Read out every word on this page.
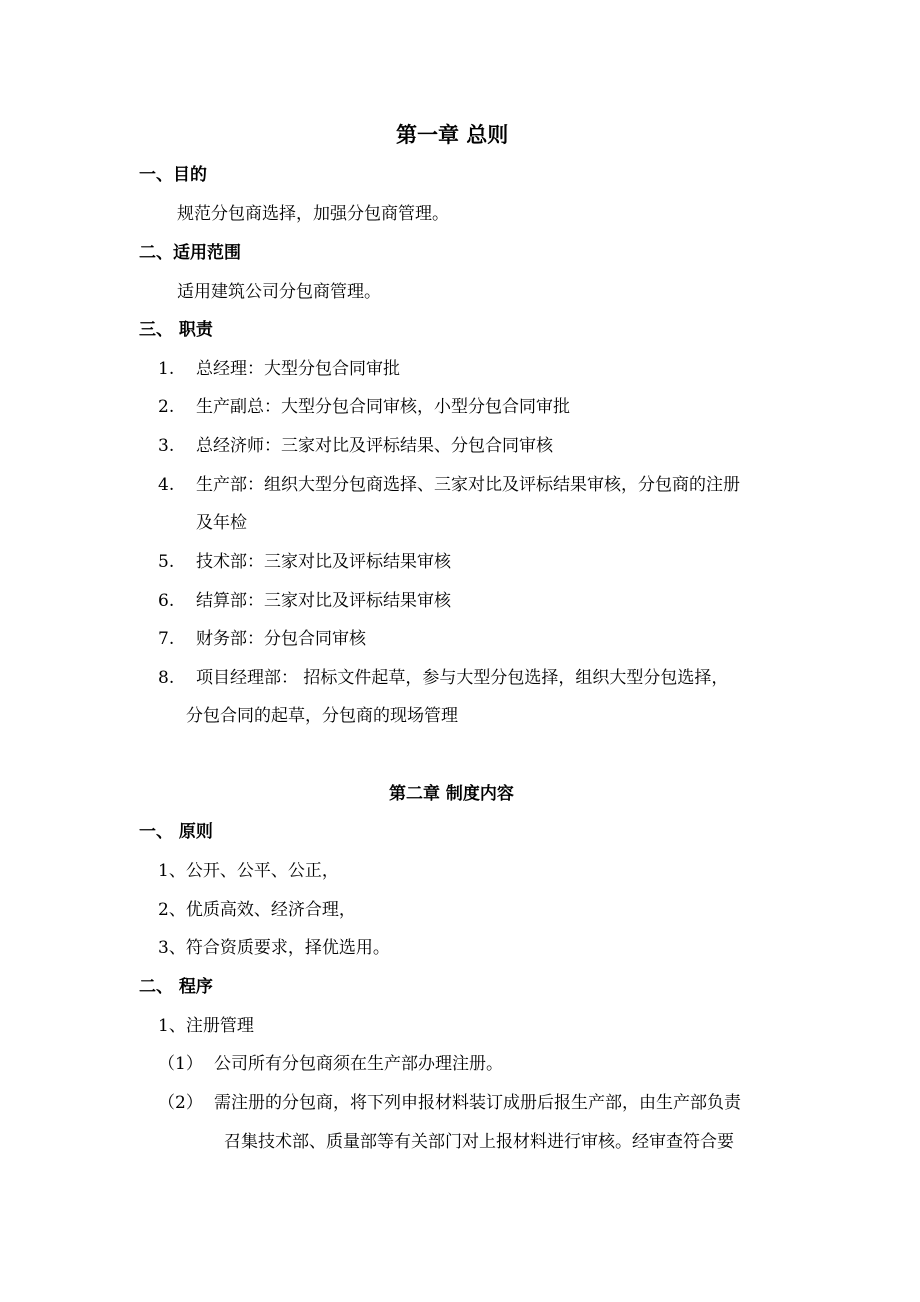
第一章 总则
一、目的
规范分包商选择，加强分包商管理。
二、适用范围
适用建筑公司分包商管理。
三、 职责
1. 总经理：大型分包合同审批
2. 生产副总：大型分包合同审核，小型分包合同审批
3. 总经济师：三家对比及评标结果、分包合同审核
4. 生产部：组织大型分包商选择、三家对比及评标结果审核，分包商的注册
及年检
5. 技术部：三家对比及评标结果审核
6. 结算部：三家对比及评标结果审核
7. 财务部：分包合同审核
8. 项目经理部： 招标文件起草，参与大型分包选择，组织大型分包选择，
分包合同的起草，分包商的现场管理
第二章 制度内容
一、 原则
1、公开、公平、公正，
2、优质高效、经济合理，
3、符合资质要求，择优选用。
二、 程序
1、注册管理
（1） 公司所有分包商须在生产部办理注册。
（2） 需注册的分包商，将下列申报材料装订成册后报生产部，由生产部负责
召集技术部、质量部等有关部门对上报材料进行审核。经审查符合要
